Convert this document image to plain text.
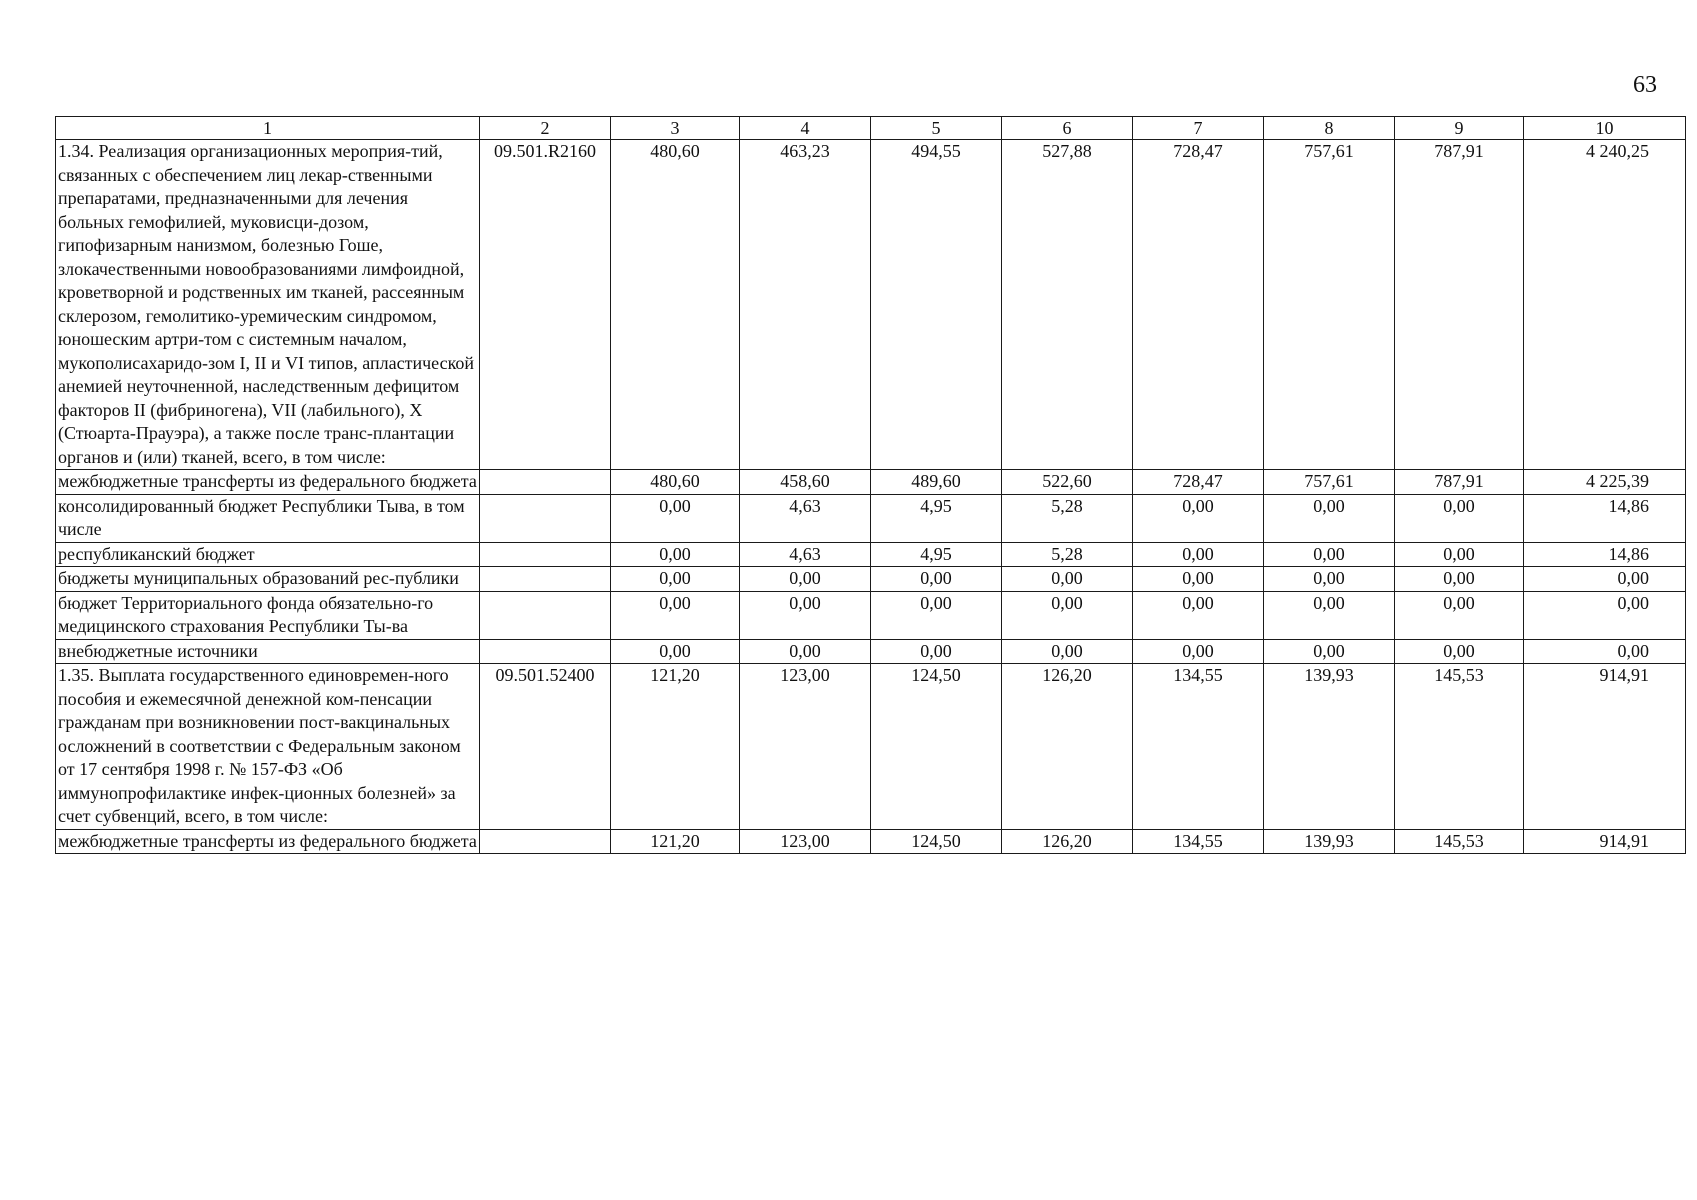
63
1	2	3	4	5	6	7	8	9	10
1.34. Реализация организационных мероприя-тий, связанных с обеспечением лиц лекар-ственными препаратами, предназначенными для лечения больных гемофилией, муковисци-дозом, гипофизарным нанизмом, болезнью Гоше, злокачественными новообразованиями лимфоидной, кроветворной и родственных им тканей, рассеянным склерозом, гемолитико-уремическим синдромом, юношеским артри-том с системным началом, мукополисахаридо-зом I, II и VI типов, апластической анемией неуточненной, наследственным дефицитом факторов II (фибриногена), VII (лабильного), X (Стюарта-Прауэра), а также после транс-плантации органов и (или) тканей, всего, в том числе:	09.501.R2160	480,60	463,23	494,55	527,88	728,47	757,61	787,91	4 240,25
межбюджетные трансферты из федерального бюджета		480,60	458,60	489,60	522,60	728,47	757,61	787,91	4 225,39
консолидированный бюджет Республики Тыва, в том числе		0,00	4,63	4,95	5,28	0,00	0,00	0,00	14,86
республиканский бюджет		0,00	4,63	4,95	5,28	0,00	0,00	0,00	14,86
бюджеты муниципальных образований рес-публики		0,00	0,00	0,00	0,00	0,00	0,00	0,00	0,00
бюджет Территориального фонда обязательно-го медицинского страхования Республики Ты-ва		0,00	0,00	0,00	0,00	0,00	0,00	0,00	0,00
внебюджетные источники		0,00	0,00	0,00	0,00	0,00	0,00	0,00	0,00
1.35. Выплата государственного единовремен-ного пособия и ежемесячной денежной ком-пенсации гражданам при возникновении пост-вакцинальных осложнений в соответствии с Федеральным законом от 17 сентября 1998 г. № 157-ФЗ «Об иммунопрофилактике инфек-ционных болезней» за счет субвенций, всего, в том числе:	09.501.52400	121,20	123,00	124,50	126,20	134,55	139,93	145,53	914,91
межбюджетные трансферты из федерального бюджета		121,20	123,00	124,50	126,20	134,55	139,93	145,53	914,91
